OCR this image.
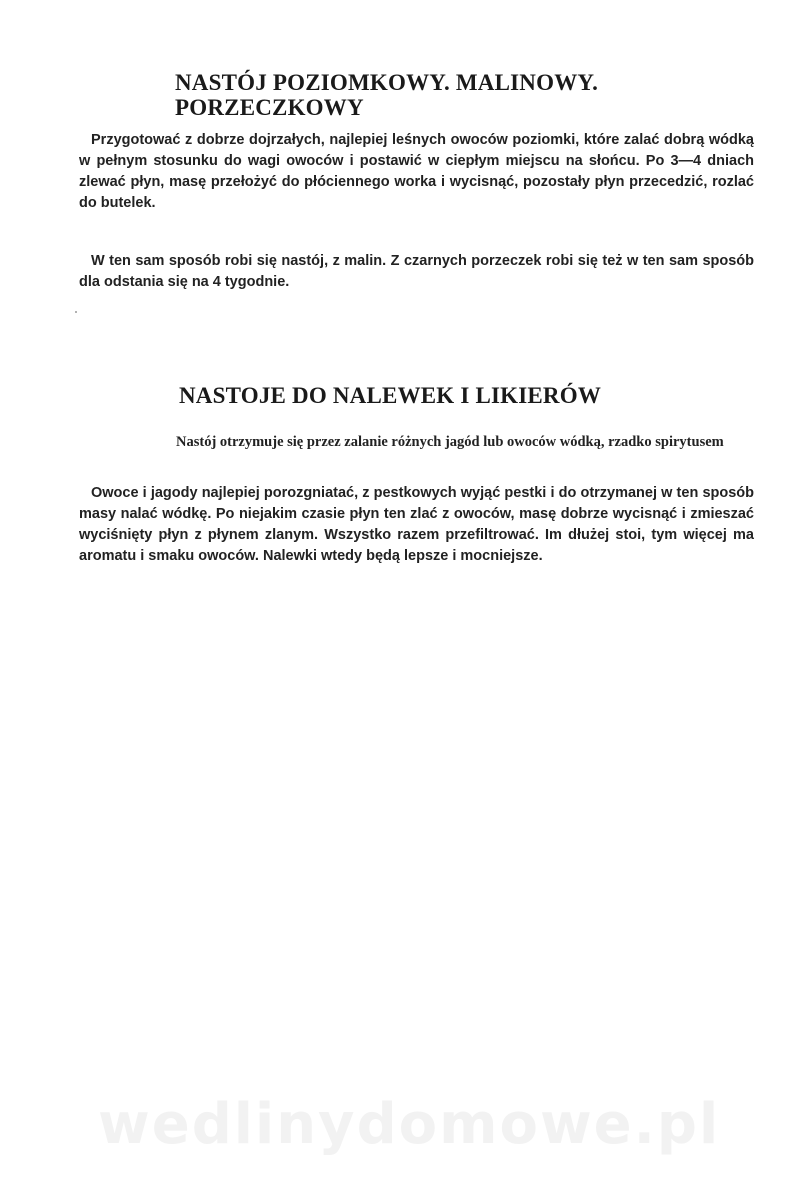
NASTÓJ POZIOMKOWY. MALINOWY. PORZECZKOWY

Przygotować z dobrze dojrzałych, najlepiej leśnych owoców poziomki, które zalać dobrą wódką w pełnym stosunku do wagi owoców i postawić w ciepłym miejscu na słońcu. Po 3—4 dniach zlewać płyn, masę przełożyć do płóciennego worka i wycisnąć, pozostały płyn przecedzić, rozlać do butelek.

W ten sam sposób robi się nastój, z malin. Z czarnych porzeczek robi się też w ten sam sposób dla odstania się na 4 tygodnie.

NASTOJE DO NALEWEK I LIKIERÓW

Nastój otrzymuje się przez zalanie różnych jagód lub owoców wódką, rzadko spirytusem

Owoce i jagody najlepiej porozgniatać, z pestkowych wyjąć pestki i do otrzymanej w ten sposób masy nalać wódkę. Po niejakim czasie płyn ten zlać z owoców, masę dobrze wycisnąć i zmieszać wyciśnięty płyn z płynem zlanym. Wszystko razem przefiltrować. Im dłużej stoi, tym więcej ma aromatu i smaku owoców. Nalewki wtedy będą lepsze i mocniejsze.

wedlinydomowe.pl
